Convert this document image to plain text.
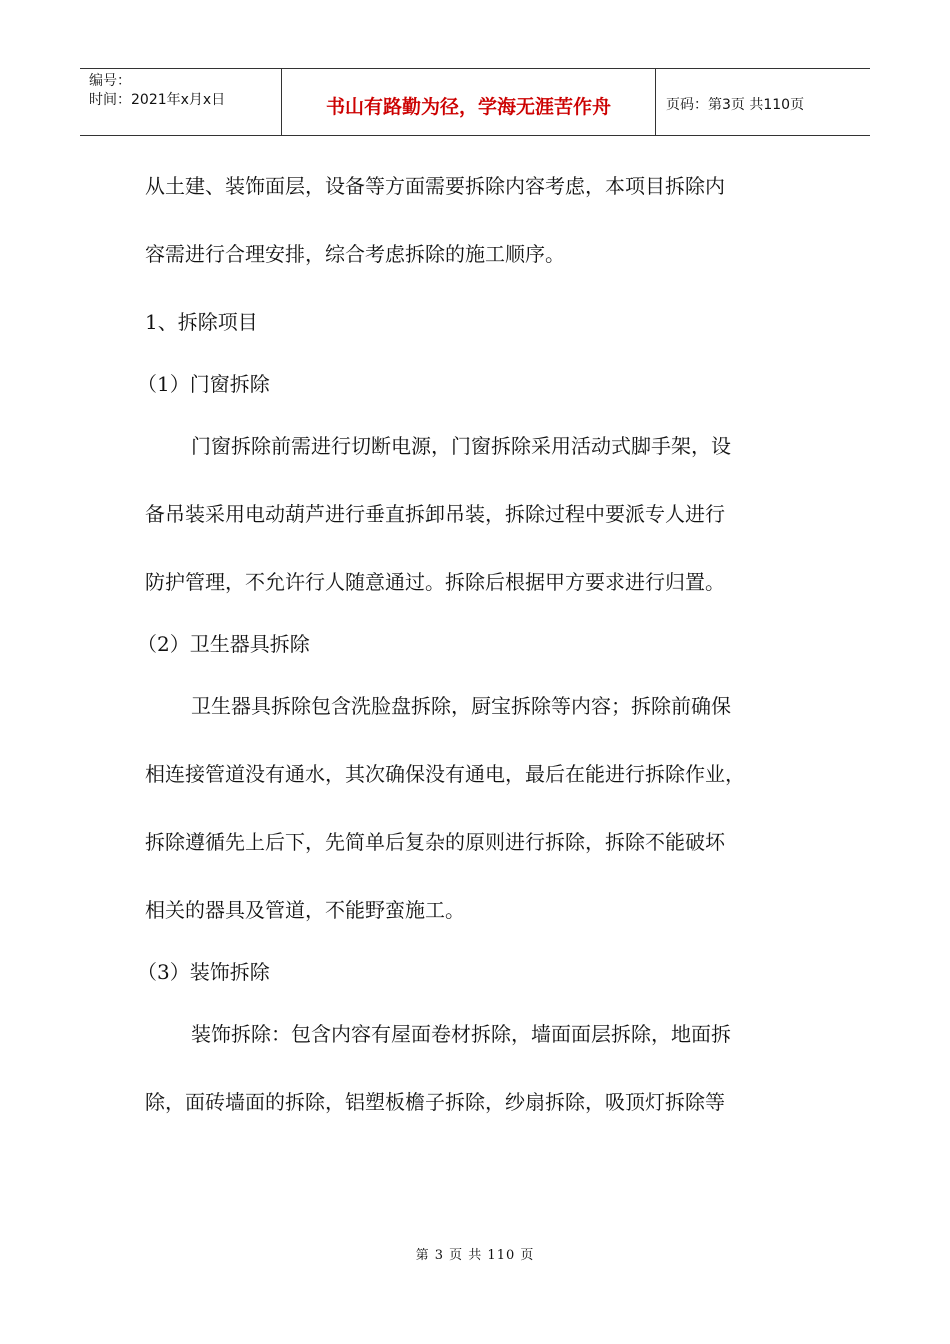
编号：
时间：2021年x月x日	书山有路勤为径，学海无涯苦作舟	页码：第3页 共110页
从土建、装饰面层，设备等方面需要拆除内容考虑，本项目拆除内
容需进行合理安排，综合考虑拆除的施工顺序。
1、拆除项目
（1）门窗拆除
门窗拆除前需进行切断电源，门窗拆除采用活动式脚手架，设
备吊装采用电动葫芦进行垂直拆卸吊装，拆除过程中要派专人进行
防护管理，不允许行人随意通过。拆除后根据甲方要求进行归置。
（2）卫生器具拆除
卫生器具拆除包含洗脸盘拆除，厨宝拆除等内容；拆除前确保
相连接管道没有通水，其次确保没有通电，最后在能进行拆除作业，
拆除遵循先上后下，先简单后复杂的原则进行拆除，拆除不能破坏
相关的器具及管道，不能野蛮施工。
（3）装饰拆除
装饰拆除：包含内容有屋面卷材拆除，墙面面层拆除，地面拆
除，面砖墙面的拆除，铝塑板檐子拆除，纱扇拆除，吸顶灯拆除等
第 3 页 共 110 页
